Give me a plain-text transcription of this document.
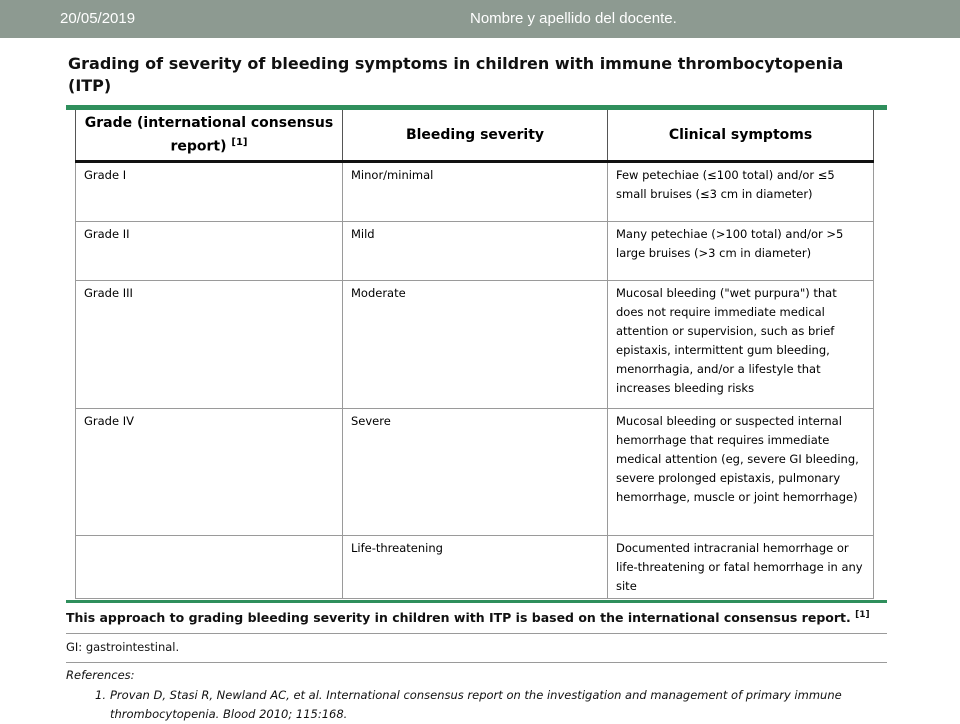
20/05/2019	Nombre y apellido del docente.
Grading of severity of bleeding symptoms in children with immune thrombocytopenia (ITP)
Grade (international consensus report) [1]	Bleeding severity	Clinical symptoms
Grade I	Minor/minimal	Few petechiae (≤100 total) and/or ≤5 small bruises (≤3 cm in diameter)
Grade II	Mild	Many petechiae (>100 total) and/or >5 large bruises (>3 cm in diameter)
Grade III	Moderate	Mucosal bleeding ("wet purpura") that does not require immediate medical attention or supervision, such as brief epistaxis, intermittent gum bleeding, menorrhagia, and/or a lifestyle that increases bleeding risks
Grade IV	Severe	Mucosal bleeding or suspected internal hemorrhage that requires immediate medical attention (eg, severe GI bleeding, severe prolonged epistaxis, pulmonary hemorrhage, muscle or joint hemorrhage)
	Life-threatening	Documented intracranial hemorrhage or life-threatening or fatal hemorrhage in any site
This approach to grading bleeding severity in children with ITP is based on the international consensus report. [1]
GI: gastrointestinal.
References:
1. Provan D, Stasi R, Newland AC, et al. International consensus report on the investigation and management of primary immune thrombocytopenia. Blood 2010; 115:168.
